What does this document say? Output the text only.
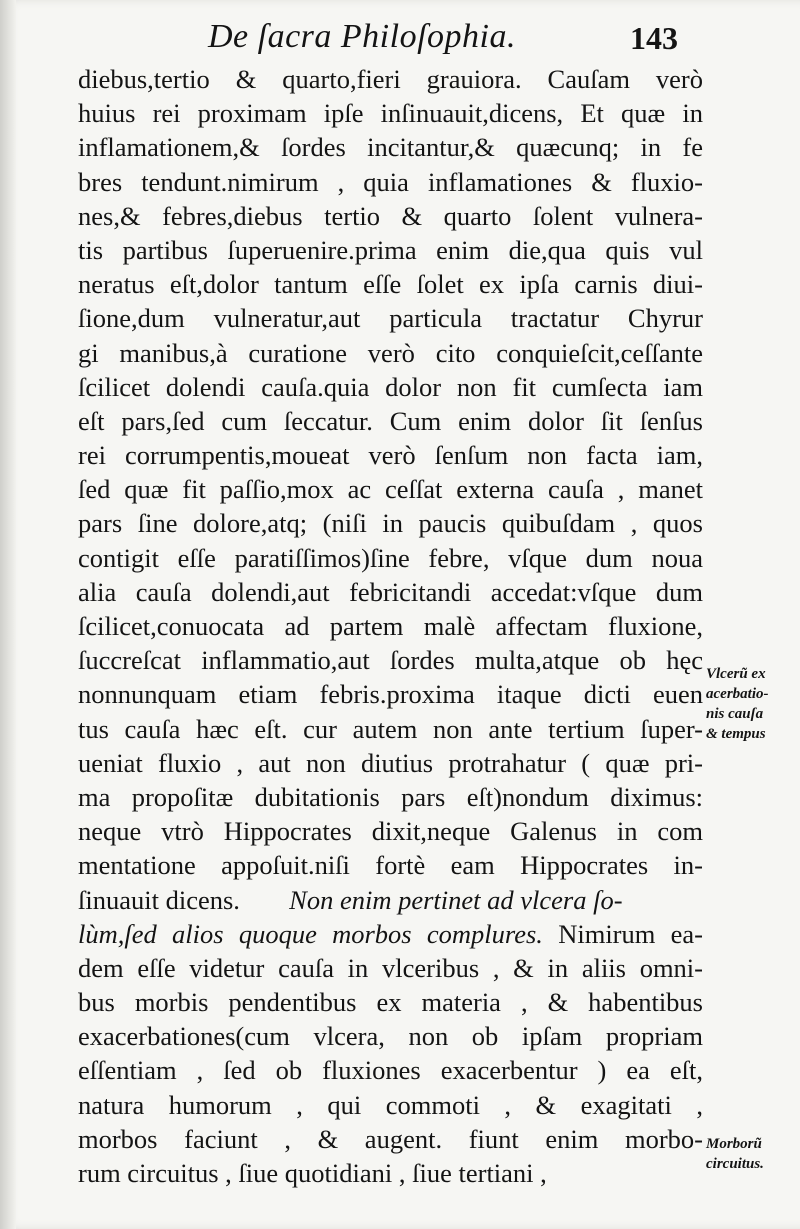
De ſacra Philoſophia.	143
diebus,tertio & quarto,fieri grauiora. Cauſam verò
huius rei proximam ipſe inſinuauit,dicens, Et quæ in
inflamationem,& ſordes incitantur,& quæcunq; in fe
bres tendunt.nimirum , quia inflamationes & fluxio-
nes,& febres,diebus tertio & quarto ſolent vulnera-
tis partibus ſuperuenire.prima enim die,qua quis vul
neratus eſt,dolor tantum eſſe ſolet ex ipſa carnis diui-
ſione,dum vulneratur,aut particula tractatur Chyrur
gi manibus,à curatione verò cito conquieſcit,ceſſante
ſcilicet dolendi cauſa.quia dolor non fit cumſecta iam
eſt pars,ſed cum ſeccatur. Cum enim dolor ſit ſenſus
rei corrumpentis,moueat verò ſenſum non facta iam,
ſed quæ fit paſſio,mox ac ceſſat externa cauſa , manet
pars ſine dolore,atq; (niſi in paucis quibuſdam , quos
contigit eſſe paratiſſimos)ſine febre, vſque dum noua
alia cauſa dolendi,aut febricitandi accedat:vſque dum
ſcilicet,conuocata ad partem malè affectam fluxione,
ſuccreſcat inflammatio,aut ſordes multa,atque ob hęc
nonnunquam etiam febris.proxima itaque dicti euen
tus cauſa hæc eſt. cur autem non ante tertium ſuper-
ueniat fluxio , aut non diutius protrahatur ( quæ pri-
ma propoſitæ dubitationis pars eſt)nondum diximus:
neque vtrò Hippocrates dixit,neque Galenus in com
mentatione appoſuit.niſi fortè eam Hippocrates in-
ſinuauit dicens. Non enim pertinet ad vlcera ſo-
lùm,ſed alios quoque morbos complures. Nimirum ea-
dem eſſe videtur cauſa in vlceribus , & in aliis omni-
bus morbis pendentibus ex materia , & habentibus
exacerbationes(cum vlcera, non ob ipſam propriam
eſſentiam , ſed ob fluxiones exacerbentur ) ea eſt,
natura humorum , qui commoti , & exagitati ,
morbos faciunt , & augent. fiunt enim morbo-
rum circuitus , ſiue quotidiani , ſiue tertiani ,
Vlcerũ ex
acerbatio-
nis cauſa
& tempus
Morborũ
circuitus.
